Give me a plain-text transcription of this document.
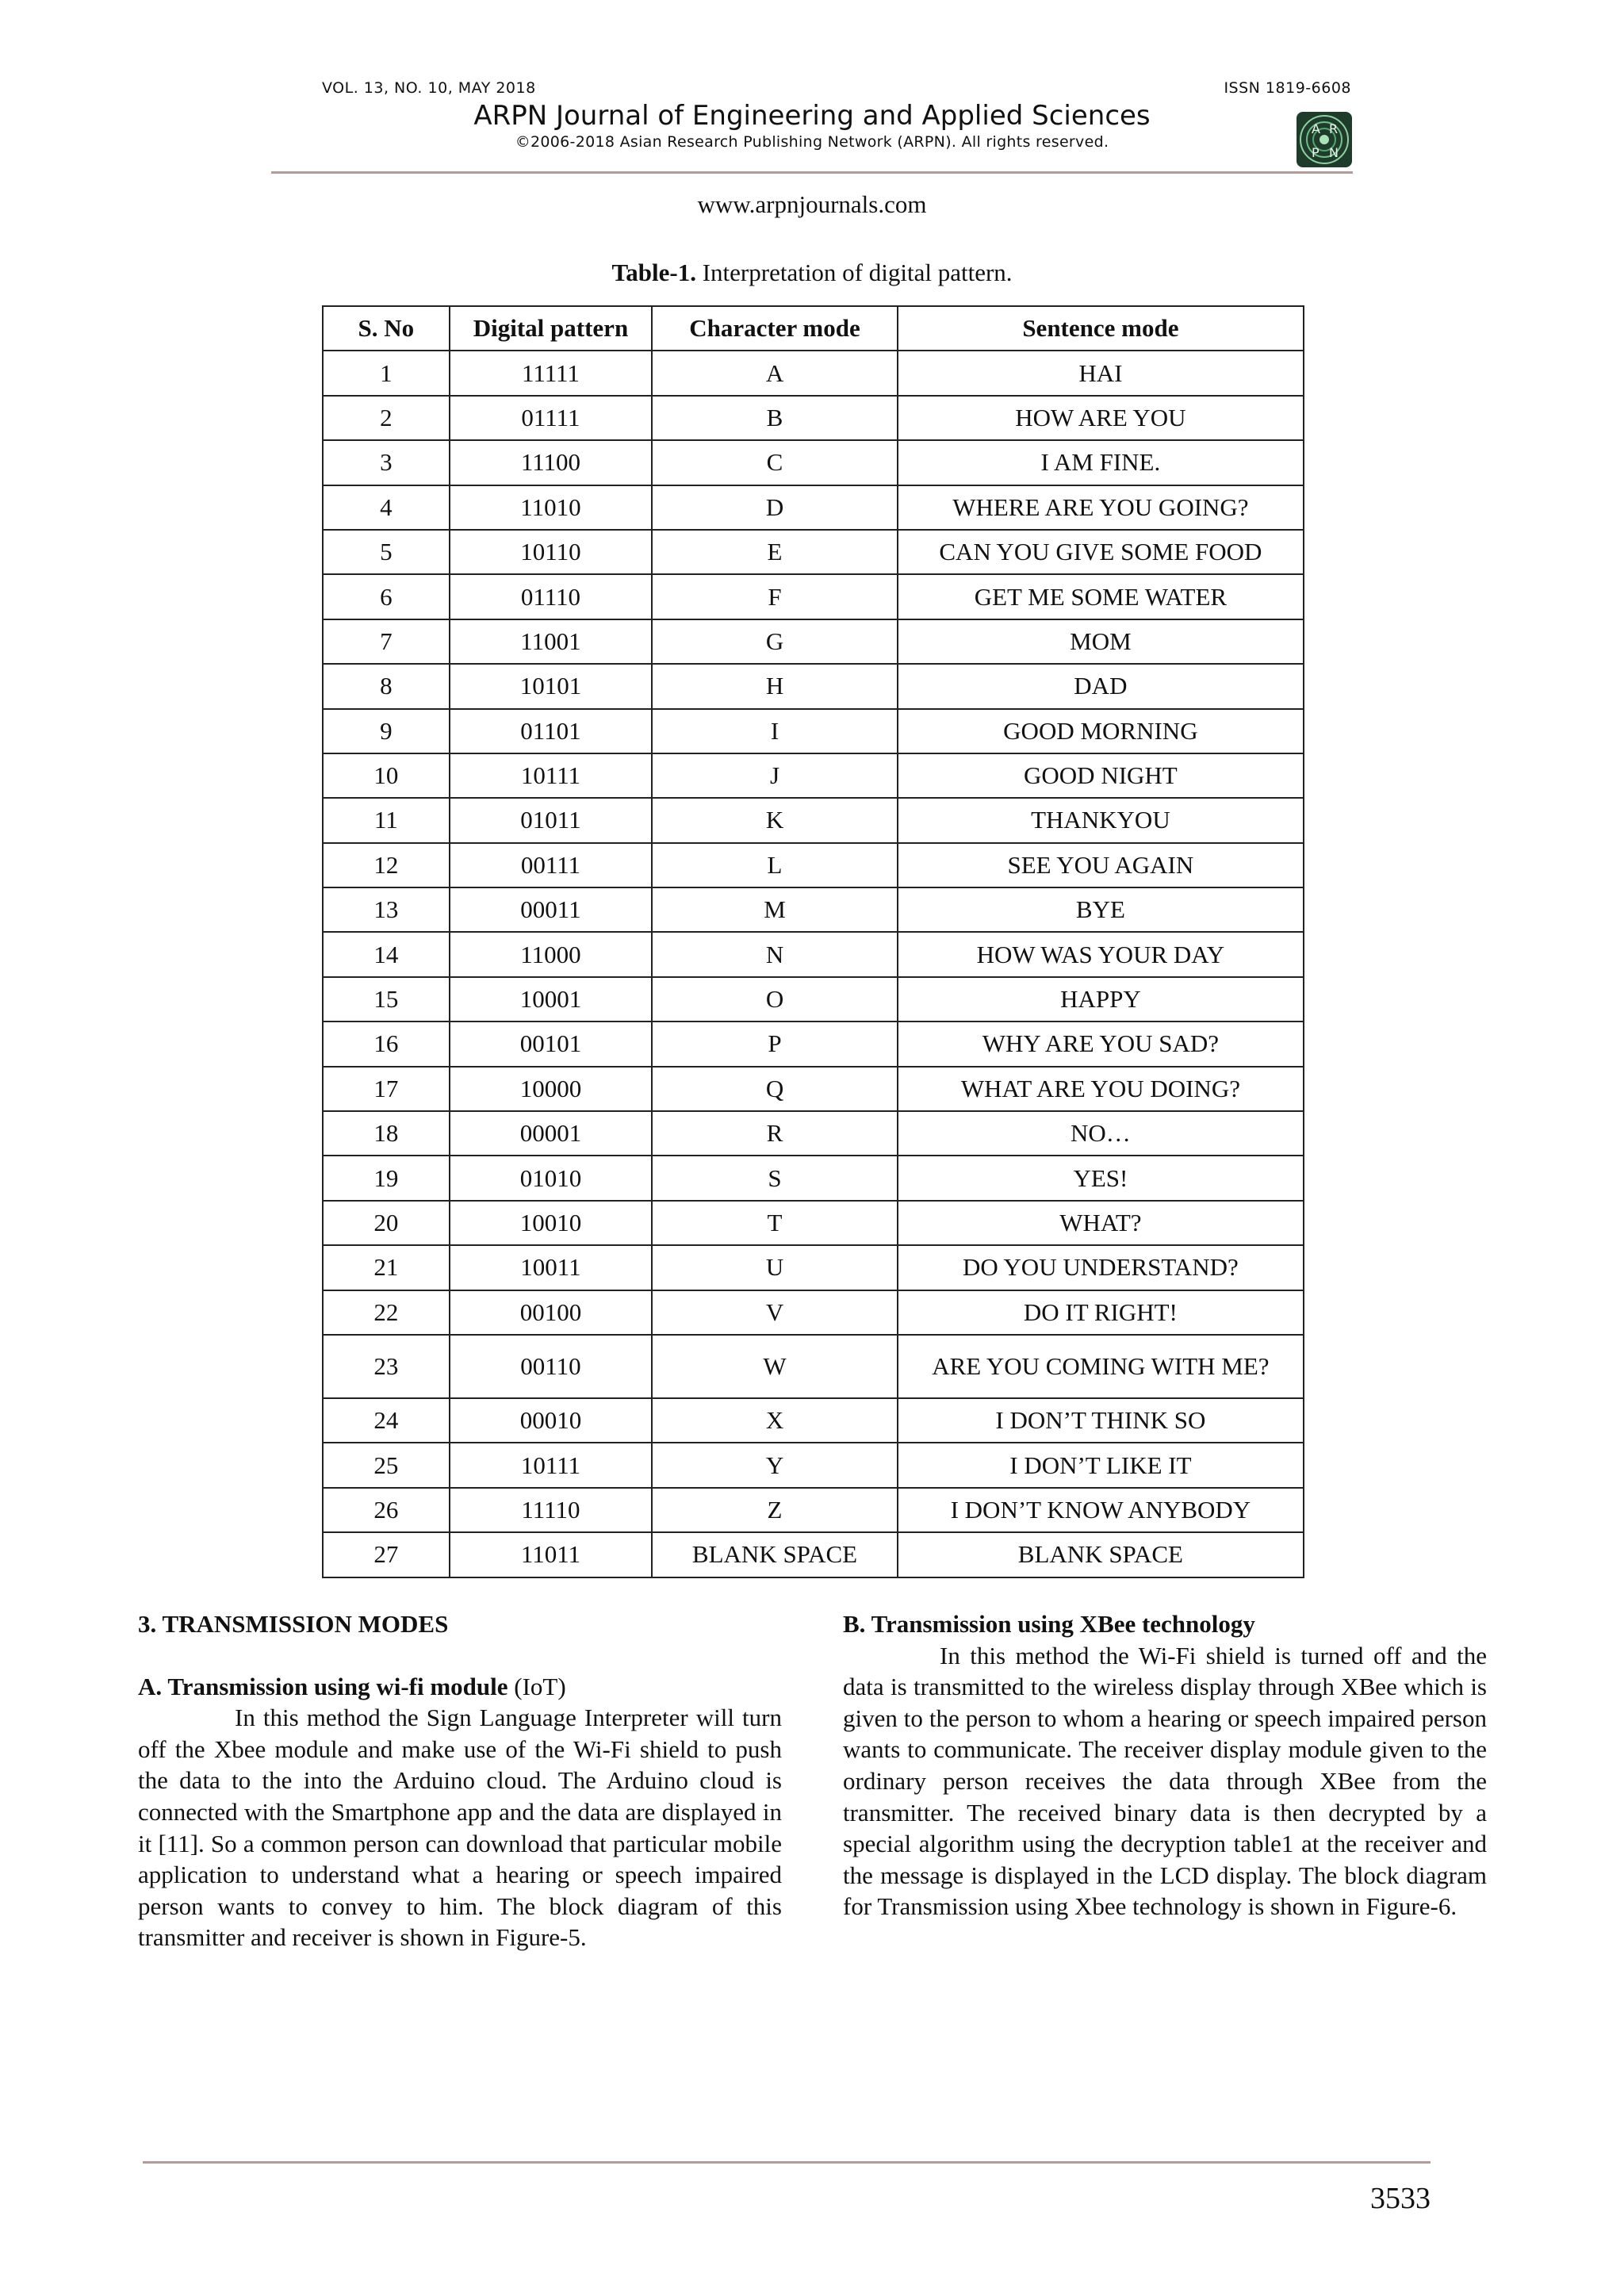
VOL. 13, NO. 10, MAY 2018	ISSN 1819-6608
ARPN Journal of Engineering and Applied Sciences
©2006-2018 Asian Research Publishing Network (ARPN). All rights reserved.
A R
P N
www.arpnjournals.com
Table-1. Interpretation of digital pattern.
S. No	Digital pattern	Character mode	Sentence mode
1	11111	A	HAI
2	01111	B	HOW ARE YOU
3	11100	C	I AM FINE.
4	11010	D	WHERE ARE YOU GOING?
5	10110	E	CAN YOU GIVE SOME FOOD
6	01110	F	GET ME SOME WATER
7	11001	G	MOM
8	10101	H	DAD
9	01101	I	GOOD MORNING
10	10111	J	GOOD NIGHT
11	01011	K	THANKYOU
12	00111	L	SEE YOU AGAIN
13	00011	M	BYE
14	11000	N	HOW WAS YOUR DAY
15	10001	O	HAPPY
16	00101	P	WHY ARE YOU SAD?
17	10000	Q	WHAT ARE YOU DOING?
18	00001	R	NO…
19	01010	S	YES!
20	10010	T	WHAT?
21	10011	U	DO YOU UNDERSTAND?
22	00100	V	DO IT RIGHT!
23	00110	W	ARE YOU COMING WITH ME?
24	00010	X	I DON’T THINK SO
25	10111	Y	I DON’T LIKE IT
26	11110	Z	I DON’T KNOW ANYBODY
27	11011	BLANK SPACE	BLANK SPACE
3. TRANSMISSION MODES
A. Transmission using wi-fi module (IoT)

In this method the Sign Language Interpreter will turn off the Xbee module and make use of the Wi-Fi shield to push the data to the into the Arduino cloud. The Arduino cloud is connected with the Smartphone app and the data are displayed in it [11]. So a common person can download that particular mobile application to understand what a hearing or speech impaired person wants to convey to him. The block diagram of this transmitter and receiver is shown in Figure-5.

B. Transmission using XBee technology

In this method the Wi-Fi shield is turned off and the data is transmitted to the wireless display through XBee which is given to the person to whom a hearing or speech impaired person wants to communicate. The receiver display module given to the ordinary person receives the data through XBee from the transmitter. The received binary data is then decrypted by a special algorithm using the decryption table1 at the receiver and the message is displayed in the LCD display. The block diagram for Transmission using Xbee technology is shown in Figure-6.

3533
